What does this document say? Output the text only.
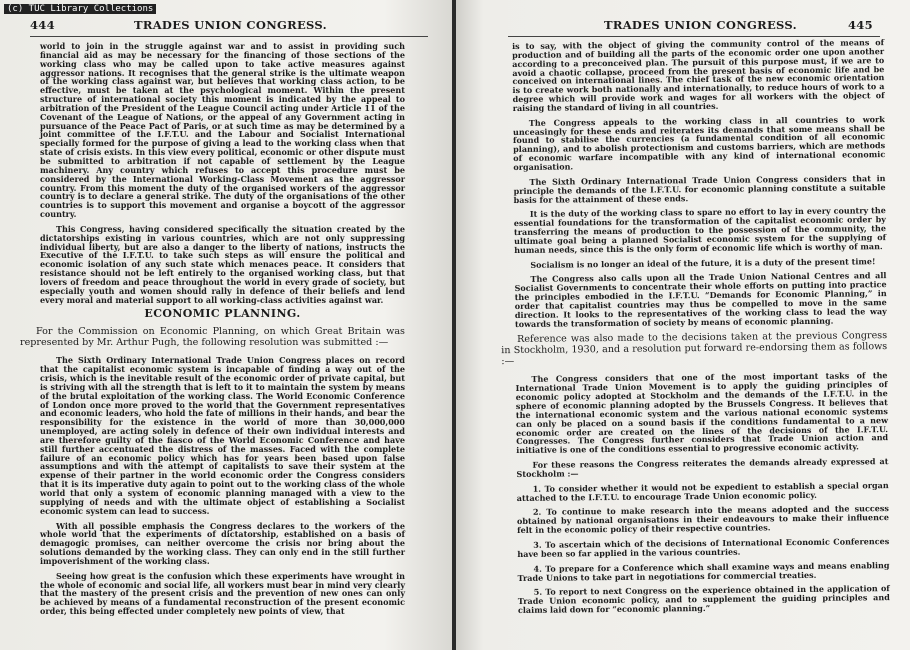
(c) TUC Library Collections
444	TRADES UNION CONGRESS.

world to join in the struggle against war and to assist in providing such financial aid as may be necessary for the financing of those sections of the working class who may be called upon to take active measures against aggressor nations. It recognises that the general strike is the ultimate weapon of the working class against war, but believes that working class action, to be effective, must be taken at the psychological moment. Within the present structure of international society this moment is indicated by the appeal to arbitration of the President of the League Council acting under Article 11 of the Covenant of the League of Nations, or the appeal of any Government acting in pursuance of the Peace Pact of Paris, or at such time as may be determined by a joint committee of the I.F.T.U. and the Labour and Socialist International specially formed for the purpose of giving a lead to the working class when that state of crisis exists. In this view every political, economic or other dispute must be submitted to arbitration if not capable of settlement by the League machinery. Any country which refuses to accept this procedure must be considered by the International Working-Class Movement as the aggressor country. From this moment the duty of the organised workers of the aggressor country is to declare a general strike. The duty of the organisations of the other countries is to support this movement and organise a boycott of the aggressor country.

This Congress, having considered specifically the situation created by the dictatorships existing in various countries, which are not only suppressing individual liberty, but are also a danger to the liberty of nations, instructs the Executive of the I.F.T.U. to take such steps as will ensure the political and economic isolation of any such state which menaces peace. It considers that resistance should not be left entirely to the organised working class, but that lovers of freedom and peace throughout the world in every grade of society, but especially youth and women should rally in defence of their beliefs and lend every moral and material support to all working-class activities against war.

ECONOMIC PLANNING.

For the Commission on Economic Planning, on which Great Britain was represented by Mr. Arthur Pugh, the following resolution was submitted :—

The Sixth Ordinary International Trade Union Congress places on record that the capitalist economic system is incapable of finding a way out of the crisis, which is the inevitable result of the economic order of private capital, but is striving with all the strength that is left to it to maintain the system by means of the brutal exploitation of the working class. The World Economic Conference of London once more proved to the world that the Government representatives and economic leaders, who hold the fate of millions in their hands, and bear the responsibility for the existence in the world of more than 30,000,000 unemployed, are acting solely in defence of their own individual interests and are therefore guilty of the fiasco of the World Economic Conference and have still further accentuated the distress of the masses. Faced with the complete failure of an economic policy which has for years been based upon false assumptions and with the attempt of capitalists to save their system at the expense of their partner in the world economic order the Congress considers that it is its imperative duty again to point out to the working class of the whole world that only a system of economic planning managed with a view to the supplying of needs and with the ultimate object of establishing a Socialist economic system can lead to success.

With all possible emphasis the Congress declares to the workers of the whole world that the experiments of dictatorship, established on a basis of demagogic promises, can neither overcome the crisis nor bring about the solutions demanded by the working class. They can only end in the still further impoverishment of the working class.

Seeing how great is the confusion which these experiments have wrought in the whole of economic and social life, all workers must bear in mind very clearly that the mastery of the present crisis and the prevention of new ones can only be achieved by means of a fundamental reconstruction of the present economic order, this being effected under completely new points of view, that

TRADES UNION CONGRESS.	445

is to say, with the object of giving the community control of the means of production and of building all the parts of the economic order one upon another according to a preconceived plan. The pursuit of this purpose must, if we are to avoid a chaotic collapse, proceed from the present basis of economic life and be conceived on international lines. The chief task of the new economic orientation is to create work both nationally and internationally, to reduce hours of work to a degree which will provide work and wages for all workers with the object of raising the standard of living in all countries.

The Congress appeals to the working class in all countries to work unceasingly for these ends and reiterates its demands that some means shall be found to stabilise the currencies (a fundamental condition of all economic planning), and to abolish protectionism and customs barriers, which are methods of economic warfare incompatible with any kind of international economic organisation.

The Sixth Ordinary International Trade Union Congress considers that in principle the demands of the I.F.T.U. for economic planning constitute a suitable basis for the attainment of these ends.

It is the duty of the working class to spare no effort to lay in every country the essential foundations for the transformation of the capitalist economic order by transferring the means of production to the possession of the community, the ultimate goal being a planned Socialist economic system for the supplying of human needs, since this is the only form of economic life which is worthy of man.

Socialism is no longer an ideal of the future, it is a duty of the present time!

The Congress also calls upon all the Trade Union National Centres and all Socialist Governments to concentrate their whole efforts on putting into practice the principles embodied in the I.F.T.U. “Demands for Economic Planning,” in order that capitalist countries may thus be compelled to move in the same direction. It looks to the representatives of the working class to lead the way towards the transformation of society by means of economic planning.

Reference was also made to the decisions taken at the previous Congress in Stockholm, 1930, and a resolution put forward re-endorsing them as follows :—

The Congress considers that one of the most important tasks of the International Trade Union Movement is to apply the guiding principles of economic policy adopted at Stockholm and the demands of the I.F.T.U. in the sphere of economic planning adopted by the Brussels Congress. It believes that the international economic system and the various national economic systems can only be placed on a sound basis if the conditions fundamental to a new economic order are created on the lines of the decisions of the I.F.T.U. Congresses. The Congress further considers that Trade Union action and initiative is one of the conditions essential to progressive economic activity.

For these reasons the Congress reiterates the demands already expressed at Stockholm :—

1. To consider whether it would not be expedient to establish a special organ attached to the I.F.T.U. to encourage Trade Union economic policy.

2. To continue to make research into the means adopted and the success obtained by national organisations in their endeavours to make their influence felt in the economic policy of their respective countries.

3. To ascertain which of the decisions of International Economic Conferences have been so far applied in the various countries.

4. To prepare for a Conference which shall examine ways and means enabling Trade Unions to take part in negotiations for commercial treaties.

5. To report to next Congress on the experience obtained in the application of Trade Union economic policy, and to supplement the guiding principles and claims laid down for “economic planning.”
